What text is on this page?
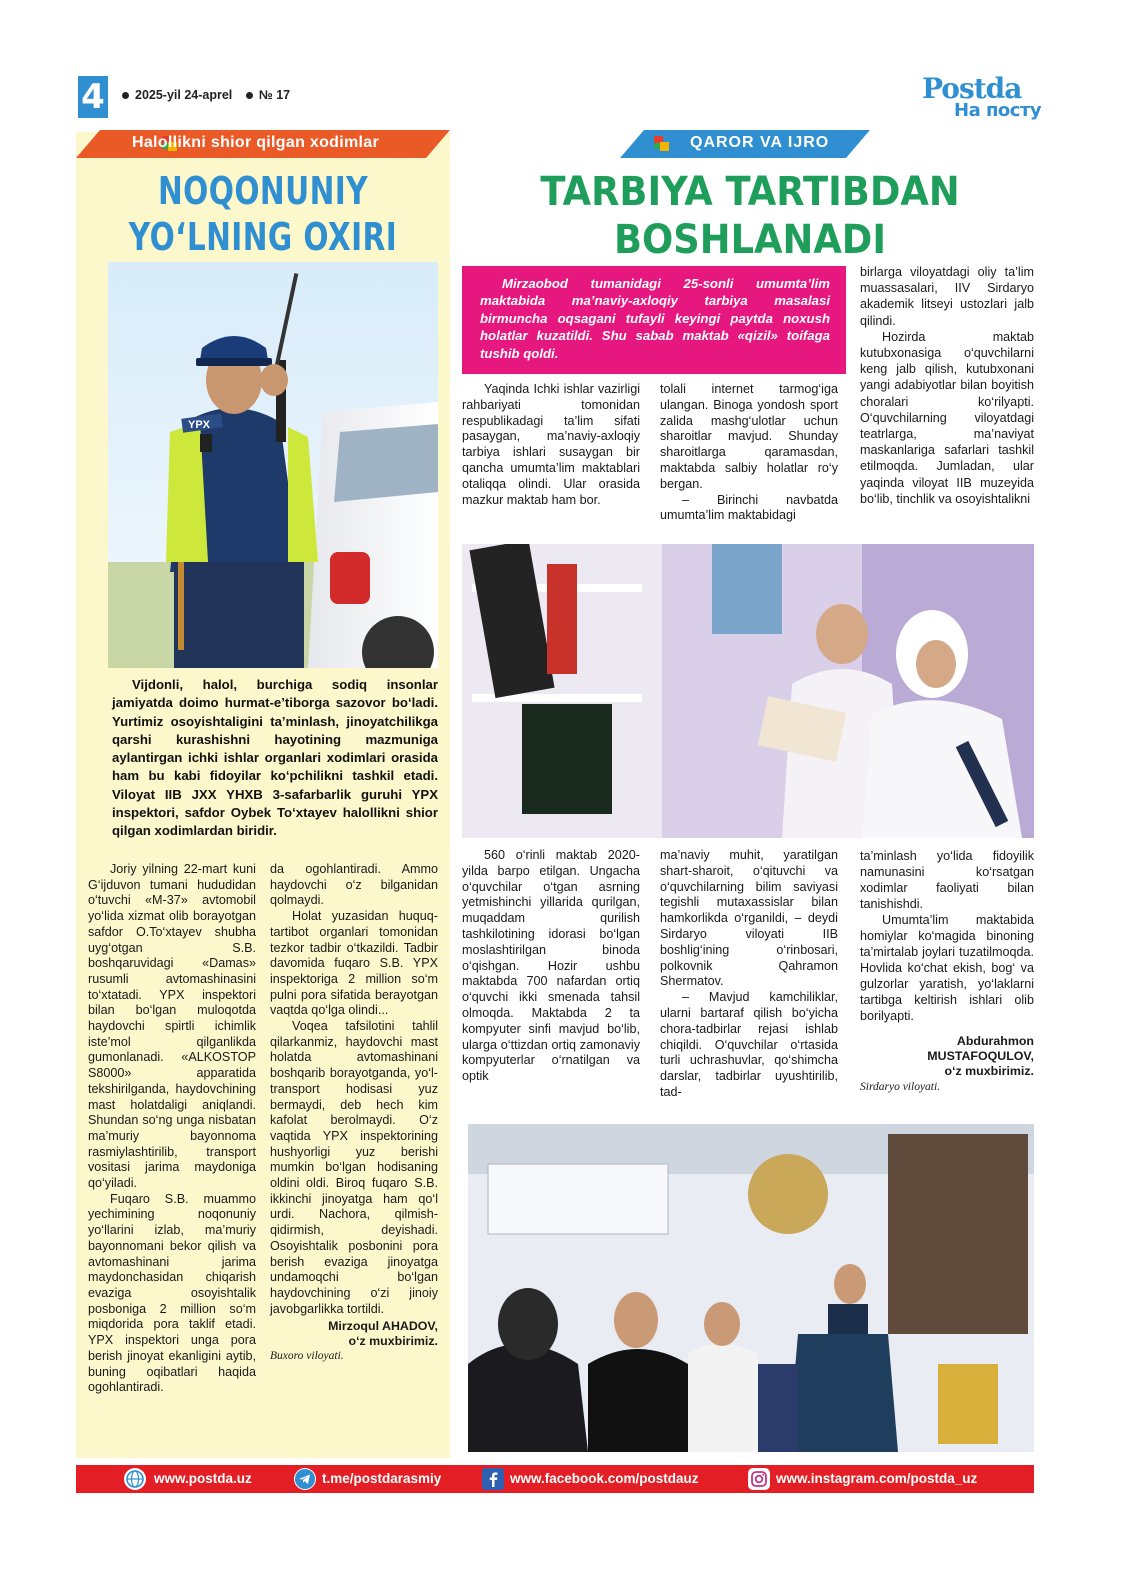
4	2025-yil 24-aprel № 17	Postda
На посту
Halollikni shior qilgan xodimlar
NOQONUNIY
YO‘LNING OXIRI
YPX
Vijdonli, halol, burchiga sodiq insonlar jamiyatda doimo hurmat-e’tiborga sazovor bo‘ladi. Yurtimiz osoyishtaligini ta’minlash, jinoyatchilikga qarshi kurashishni hayotining mazmuniga aylantirgan ichki ishlar organlari xodimlari orasida ham bu kabi fidoyilar ko‘pchilikni tashkil etadi. Viloyat IIB JXX YHXB 3-safarbarlik guruhi YPX inspektori, safdor Oybek To‘xtayev halollikni shior qilgan xodimlardan biridir.

Joriy yilning 22-mart kuni G‘ijduvon tumani hududidan o‘tuvchi «M-37» avtomobil yo‘lida xizmat olib borayotgan safdor O.To‘xtayev shubha uyg‘otgan S.B. boshqaruvidagi «Damas» rusumli avtomashinasini to‘xtatadi. YPX inspektori bilan bo‘lgan muloqotda haydovchi spirtli ichimlik iste’mol qilganlikda gumonlanadi. «ALKOSTOP S8000» apparatida tekshirilganda, haydovchining mast holatdaligi aniqlandi. Shundan so‘ng unga nisbatan ma’muriy bayonnoma rasmiylashtirilib, transport vositasi jarima maydoniga qo‘yiladi.

Fuqaro S.B. muammo yechimining noqonuniy yo‘llarini izlab, ma’muriy bayonnomani bekor qilish va avtomashinani jarima maydonchasidan chiqarish evaziga osoyishtalik posboniga 2 million so‘m miqdorida pora taklif etadi. YPX inspektori unga pora berish jinoyat ekanligini aytib, buning oqibatlari haqida ogohlantiradi.

da ogohlantiradi. Ammo haydovchi o‘z bilganidan qolmaydi.

Holat yuzasidan huquq-tartibot organlari tomonidan tezkor tadbir o‘tkazildi. Tadbir davomida fuqaro S.B. YPX inspektoriga 2 million so‘m pulni pora sifatida berayotgan vaqtda qo‘lga olindi...

Voqea tafsilotini tahlil qilarkanmiz, haydovchi mast holatda avtomashinani boshqarib borayotganda, yo‘l-transport hodisasi yuz bermaydi, deb hech kim kafolat berolmaydi. O‘z vaqtida YPX inspektorining hushyorligi yuz berishi mumkin bo‘lgan hodisaning oldini oldi. Biroq fuqaro S.B. ikkinchi jinoyatga ham qo‘l urdi. Nachora, qilmish-qidirmish, deyishadi. Osoyishtalik posbonini pora berish evaziga jinoyatga undamoqchi bo‘lgan haydovchining o‘zi jinoiy javobgarlikka tortildi.

Mirzoqul AHADOV,
o‘z muxbirimiz.
Buxoro viloyati.
QAROR VA IJRO
TARBIYA TARTIBDAN
BOSHLANADI
Mirzaobod tumanidagi 25-sonli umumta’lim maktabida ma’naviy-axloqiy tarbiya masalasi birmuncha oqsagani tufayli keyingi paytda noxush holatlar kuzatildi. Shu sabab maktab «qizil» toifaga tushib qoldi.

Yaqinda Ichki ishlar vazirligi rahbariyati tomonidan respublikadagi ta’lim sifati pasaygan, ma’naviy-axloqiy tarbiya ishlari susaygan bir qancha umumta’lim maktablari otaliqqa olindi. Ular orasida mazkur maktab ham bor.

tolali internet tarmog‘iga ulangan. Binoga yondosh sport zalida mashg‘ulotlar uchun sharoitlar mavjud. Shunday sharoitlarga qaramasdan, maktabda salbiy holatlar ro‘y bergan.

– Birinchi navbatda umumta’lim maktabidagi

birlarga viloyatdagi oliy ta’lim muassasalari, IIV Sirdaryo akademik litseyi ustozlari jalb qilindi.

Hozirda maktab kutubxonasiga o‘quvchilarni keng jalb qilish, kutubxonani yangi adabiyotlar bilan boyitish choralari ko‘rilyapti. O‘quvchilarning viloyatdagi teatrlarga, ma’naviyat maskanlariga safarlari tashkil etilmoqda. Jumladan, ular yaqinda viloyat IIB muzeyida bo‘lib, tinchlik va osoyishtalikni

560 o‘rinli maktab 2020-yilda barpo etilgan. Ungacha o‘quvchilar o‘tgan asrning yetmishinchi yillarida qurilgan, muqaddam qurilish tashkilotining idorasi bo‘lgan moslashtirilgan binoda o‘qishgan. Hozir ushbu maktabda 700 nafardan ortiq o‘quvchi ikki smenada tahsil olmoqda. Maktabda 2 ta kompyuter sinfi mavjud bo‘lib, ularga o‘ttizdan ortiq zamonaviy kompyuterlar o‘rnatilgan va optik

ma’naviy muhit, yaratilgan shart-sharoit, o‘qituvchi va o‘quvchilarning bilim saviyasi tegishli mutaxassislar bilan hamkorlikda o‘rganildi, – deydi Sirdaryo viloyati IIB boshlig‘ining o‘rinbosari, polkovnik Qahramon Shermatov.

– Mavjud kamchiliklar, ularni bartaraf qilish bo‘yicha chora-tadbirlar rejasi ishlab chiqildi. O‘quvchilar o‘rtasida turli uchrashuvlar, qo‘shimcha darslar, tadbirlar uyushtirilib, tad-

ta’minlash yo‘lida fidoyilik namunasini ko‘rsatgan xodimlar faoliyati bilan tanishishdi.

Umumta’lim maktabida homiylar ko‘magida binoning ta’mirtalab joylari tuzatilmoqda. Hovlida ko‘chat ekish, bog‘ va gulzorlar yaratish, yo‘laklarni tartibga keltirish ishlari olib borilyapti.

Abdurahmon
MUSTAFOQULOV,
o‘z muxbirimiz.
Sirdaryo viloyati.
www.postda.uz	t.me/postdarasmiy	www.facebook.com/postdauz	www.instagram.com/postda_uz
